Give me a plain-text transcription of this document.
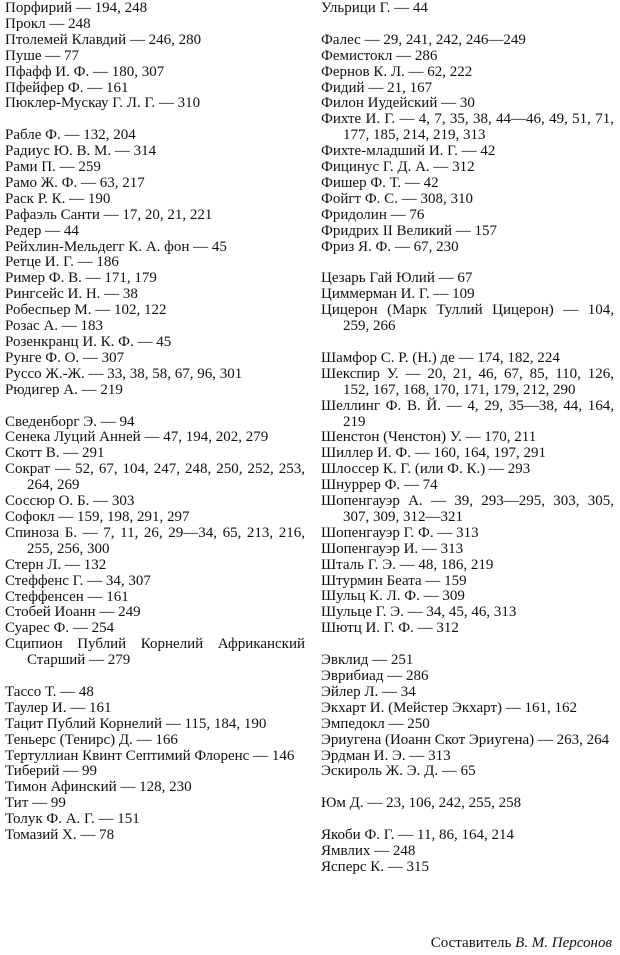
Порфирий — 194, 248

Прокл — 248

Птолемей Клавдий — 246, 280

Пуше — 77

Пфафф И. Ф. — 180, 307

Пфейфер Ф. — 161

Пюклер-Мускау Г. Л. Г. — 310

Рабле Ф. — 132, 204

Радиус Ю. В. М. — 314

Рами П. — 259

Рамо Ж. Ф. — 63, 217

Раск Р. К. — 190

Рафаэль Санти — 17, 20, 21, 221

Редер — 44

Рейхлин-Мельдегг К. А. фон — 45

Ретце И. Г. — 186

Ример Ф. В. — 171, 179

Рингсейс И. Н. — 38

Робеспьер М. — 102, 122

Розас А. — 183

Розенкранц И. К. Ф. — 45

Рунге Ф. О. — 307

Руссо Ж.-Ж. — 33, 38, 58, 67, 96, 301

Рюдигер А. — 219

Сведенборг Э. — 94

Сенека Луций Анней — 47, 194, 202, 279

Скотт В. — 291

Сократ — 52, 67, 104, 247, 248, 250, 252, 253, 264, 269

Соссюр О. Б. — 303

Софокл — 159, 198, 291, 297

Спиноза Б. — 7, 11, 26, 29—34, 65, 213, 216, 255, 256, 300

Стерн Л. — 132

Стеффенс Г. — 34, 307

Стеффенсен — 161

Стобей Иоанн — 249

Суарес Ф. — 254

Сципион Публий Корнелий Африканский Старший — 279

Тассо Т. — 48

Таулер И. — 161

Тацит Публий Корнелий — 115, 184, 190

Теньерс (Тенирс) Д. — 166

Тертуллиан Квинт Септимий Флоренс — 146

Тиберий — 99

Тимон Афинский — 128, 230

Тит — 99

Толук Ф. А. Г. — 151

Томазий Х. — 78

Ульрици Г. — 44

Фалес — 29, 241, 242, 246—249

Фемистокл — 286

Фернов К. Л. — 62, 222

Фидий — 21, 167

Филон Иудейский — 30

Фихте И. Г. — 4, 7, 35, 38, 44—46, 49, 51, 71, 177, 185, 214, 219, 313

Фихте-младший И. Г. — 42

Фицинус Г. Д. А. — 312

Фишер Ф. Т. — 42

Фойгт Ф. С. — 308, 310

Фридолин — 76

Фридрих II Великий — 157

Фриз Я. Ф. — 67, 230

Цезарь Гай Юлий — 67

Циммерман И. Г. — 109

Цицерон (Марк Туллий Цицерон) — 104, 259, 266

Шамфор С. Р. (Н.) де — 174, 182, 224

Шекспир У. — 20, 21, 46, 67, 85, 110, 126, 152, 167, 168, 170, 171, 179, 212, 290

Шеллинг Ф. В. Й. — 4, 29, 35—38, 44, 164, 219

Шенстон (Ченстон) У. — 170, 211

Шиллер И. Ф. — 160, 164, 197, 291

Шлоссер К. Г. (или Ф. К.) — 293

Шнуррер Ф. — 74

Шопенгауэр А. — 39, 293—295, 303, 305, 307, 309, 312—321

Шопенгауэр Г. Ф. — 313

Шопенгауэр И. — 313

Шталь Г. Э. — 48, 186, 219

Штурмин Беата — 159

Шульц К. Л. Ф. — 309

Шульце Г. Э. — 34, 45, 46, 313

Шютц И. Г. Ф. — 312

Эвклид — 251

Эврибиад — 286

Эйлер Л. — 34

Экхарт И. (Мейстер Экхарт) — 161, 162

Эмпедокл — 250

Эриугена (Иоанн Скот Эриугена) — 263, 264

Эрдман И. Э. — 313

Эскироль Ж. Э. Д. — 65

Юм Д. — 23, 106, 242, 255, 258

Якоби Ф. Г. — 11, 86, 164, 214

Ямвлих — 248

Ясперс К. — 315

Составитель В. М. Персонов
